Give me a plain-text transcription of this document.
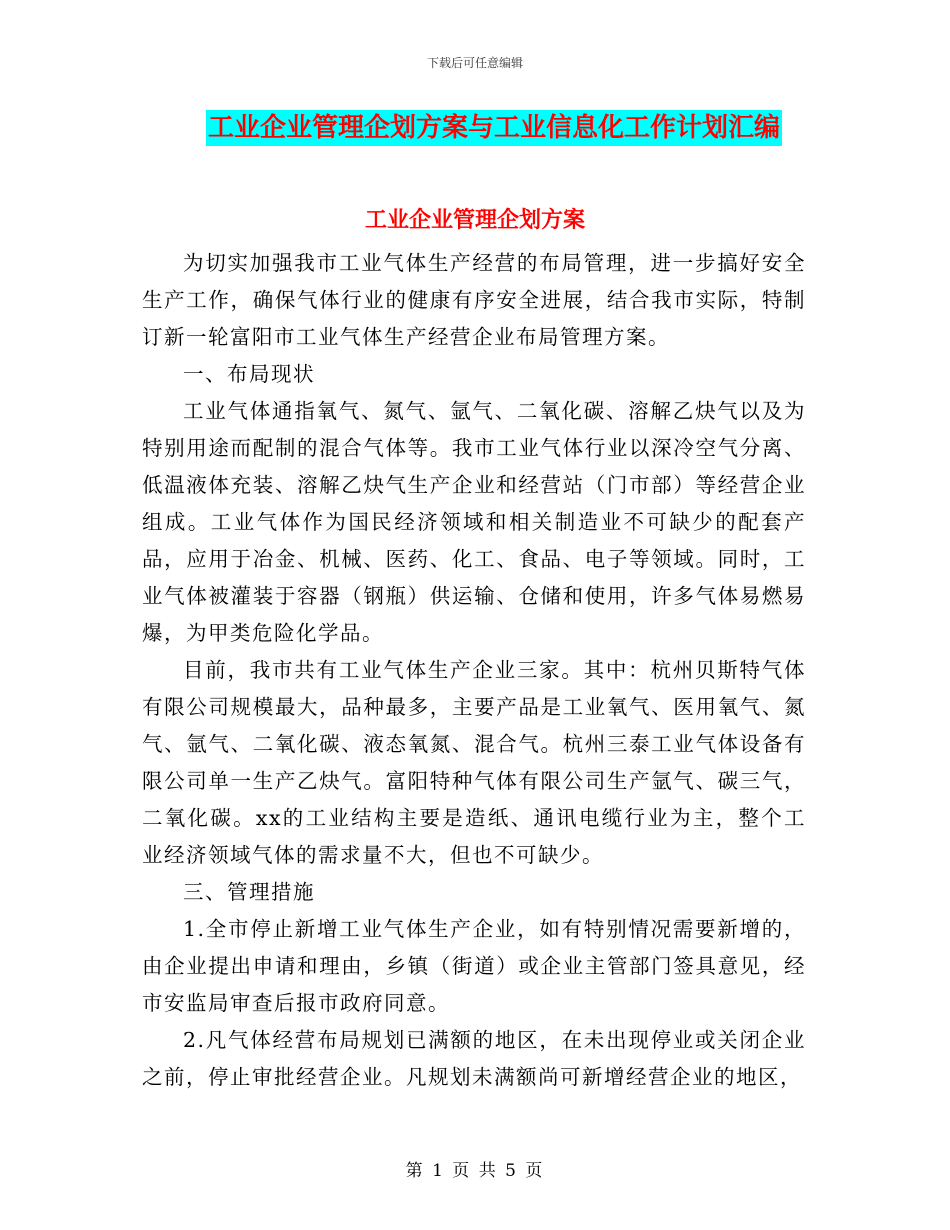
下载后可任意编辑
工业企业管理企划方案与工业信息化工作计划汇编
工业企业管理企划方案

为切实加强我市工业气体生产经营的布局管理，进一步搞好安全生产工作，确保气体行业的健康有序安全进展，结合我市实际，特制订新一轮富阳市工业气体生产经营企业布局管理方案。

一、布局现状

工业气体通指氧气、氮气、氩气、二氧化碳、溶解乙炔气以及为特别用途而配制的混合气体等。我市工业气体行业以深冷空气分离、低温液体充装、溶解乙炔气生产企业和经营站（门市部）等经营企业组成。工业气体作为国民经济领域和相关制造业不可缺少的配套产品，应用于冶金、机械、医药、化工、食品、电子等领域。同时，工业气体被灌装于容器（钢瓶）供运输、仓储和使用，许多气体易燃易爆，为甲类危险化学品。

目前，我市共有工业气体生产企业三家。其中：杭州贝斯特气体有限公司规模最大，品种最多，主要产品是工业氧气、医用氧气、氮气、氩气、二氧化碳、液态氧氮、混合气。杭州三泰工业气体设备有限公司单一生产乙炔气。富阳特种气体有限公司生产氩气、碳三气，二氧化碳。xx的工业结构主要是造纸、通讯电缆行业为主，整个工业经济领域气体的需求量不大，但也不可缺少。

三、管理措施

1.全市停止新增工业气体生产企业，如有特别情况需要新增的，由企业提出申请和理由，乡镇（街道）或企业主管部门签具意见，经市安监局审查后报市政府同意。

2.凡气体经营布局规划已满额的地区，在未出现停业或关闭企业之前，停止审批经营企业。凡规划未满额尚可新增经营企业的地区，

第 1 页 共 5 页
